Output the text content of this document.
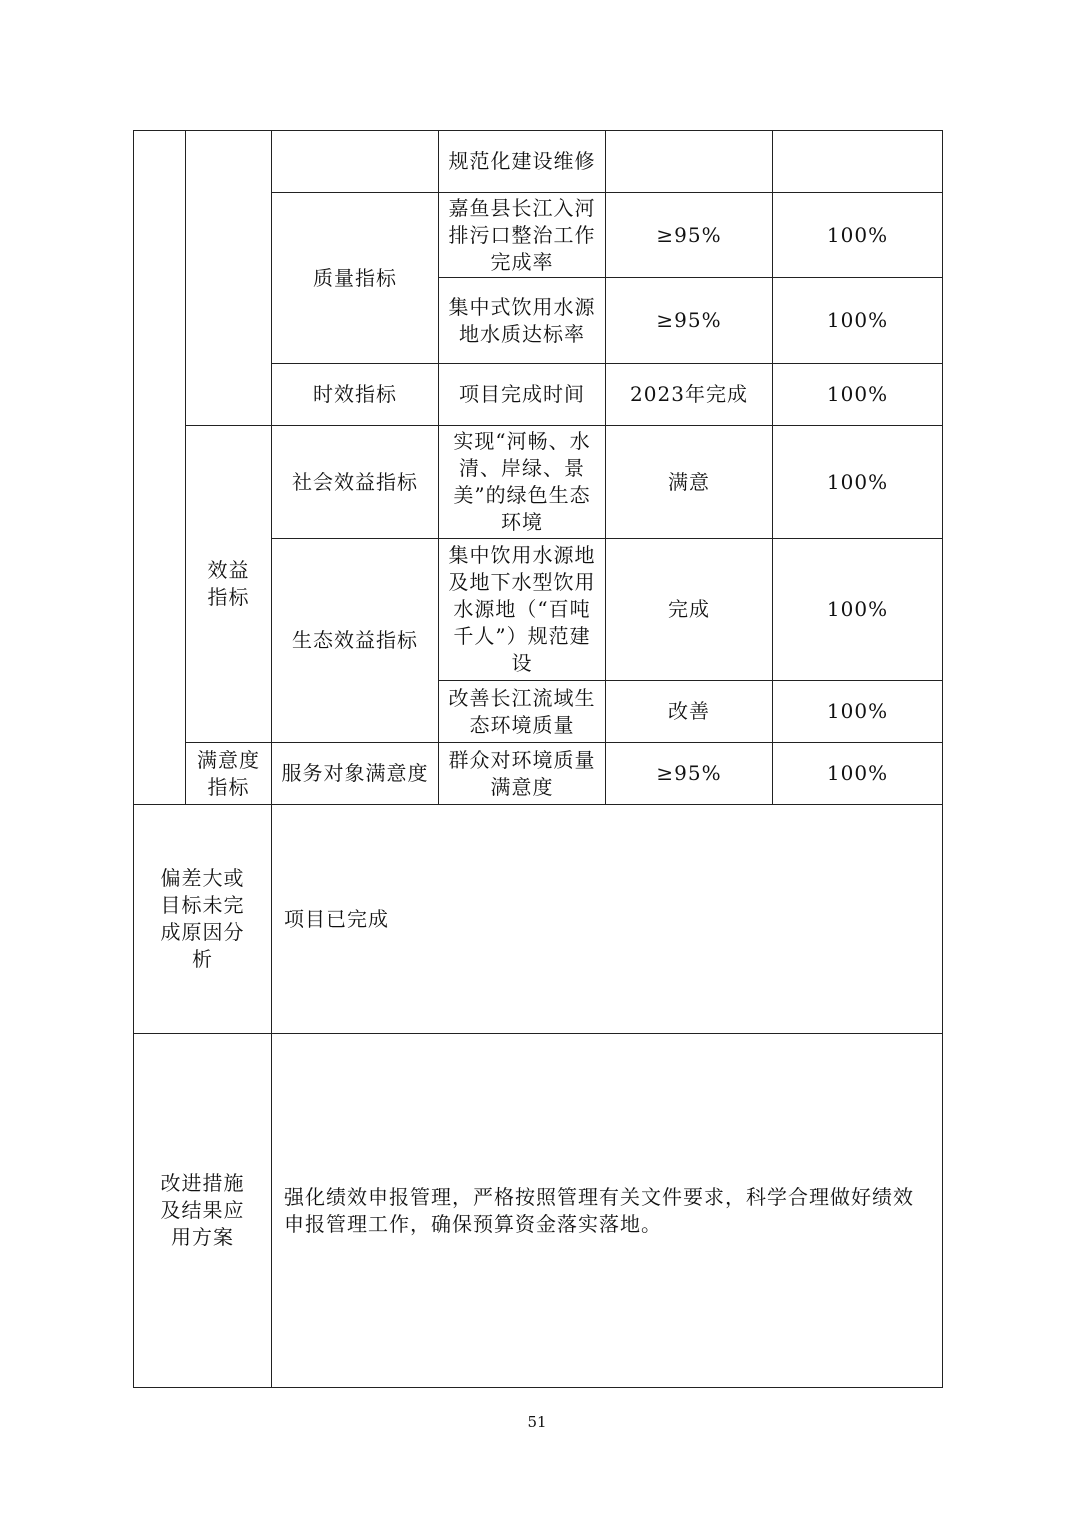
			规范化建设维修		
		质量指标	嘉鱼县长江入河排污口整治工作完成率	≥95%	100%
			集中式饮用水源地水质达标率	≥95%	100%
		时效指标	项目完成时间	2023年完成	100%
	效益指标	社会效益指标	实现“河畅、水清、岸绿、景美”的绿色生态环境	满意	100%
		生态效益指标	集中饮用水源地及地下水型饮用水源地（“百吨千人”）规范建设	完成	100%
			改善长江流域生态环境质量	改善	100%
	满意度指标	服务对象满意度	群众对环境质量满意度	≥95%	100%
偏差大或目标未完成原因分析		项目已完成			
改进措施及结果应用方案		强化绩效申报管理，严格按照管理有关文件要求，科学合理做好绩效申报管理工作，确保预算资金落实落地。			
51
